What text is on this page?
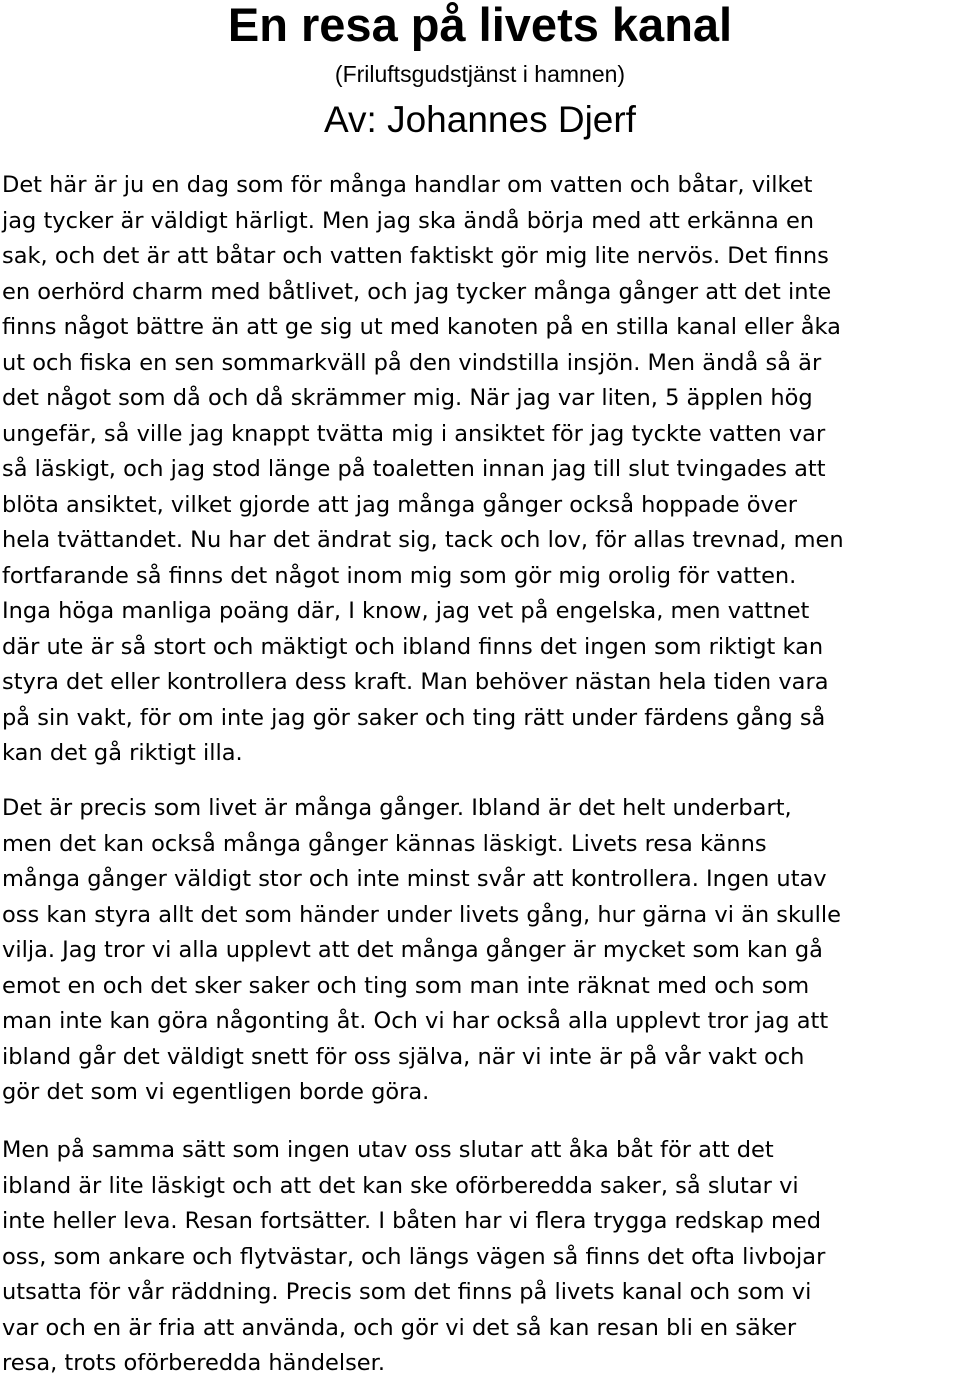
En resa på livets kanal
(Friluftsgudstjänst i hamnen)
Av: Johannes Djerf

Det här är ju en dag som för många handlar om vatten och båtar, vilket
jag tycker är väldigt härligt. Men jag ska ändå börja med att erkänna en
sak, och det är att båtar och vatten faktiskt gör mig lite nervös. Det finns
en oerhörd charm med båtlivet, och jag tycker många gånger att det inte
finns något bättre än att ge sig ut med kanoten på en stilla kanal eller åka
ut och fiska en sen sommarkväll på den vindstilla insjön. Men ändå så är
det något som då och då skrämmer mig. När jag var liten, 5 äpplen hög
ungefär, så ville jag knappt tvätta mig i ansiktet för jag tyckte vatten var
så läskigt, och jag stod länge på toaletten innan jag till slut tvingades att
blöta ansiktet, vilket gjorde att jag många gånger också hoppade över
hela tvättandet. Nu har det ändrat sig, tack och lov, för allas trevnad, men
fortfarande så finns det något inom mig som gör mig orolig för vatten.
Inga höga manliga poäng där, I know, jag vet på engelska, men vattnet
där ute är så stort och mäktigt och ibland finns det ingen som riktigt kan
styra det eller kontrollera dess kraft. Man behöver nästan hela tiden vara
på sin vakt, för om inte jag gör saker och ting rätt under färdens gång så
kan det gå riktigt illa.

Det är precis som livet är många gånger. Ibland är det helt underbart,
men det kan också många gånger kännas läskigt. Livets resa känns
många gånger väldigt stor och inte minst svår att kontrollera. Ingen utav
oss kan styra allt det som händer under livets gång, hur gärna vi än skulle
vilja. Jag tror vi alla upplevt att det många gånger är mycket som kan gå
emot en och det sker saker och ting som man inte räknat med och som
man inte kan göra någonting åt. Och vi har också alla upplevt tror jag att
ibland går det väldigt snett för oss själva, när vi inte är på vår vakt och
gör det som vi egentligen borde göra.

Men på samma sätt som ingen utav oss slutar att åka båt för att det
ibland är lite läskigt och att det kan ske oförberedda saker, så slutar vi
inte heller leva. Resan fortsätter. I båten har vi flera trygga redskap med
oss, som ankare och flytvästar, och längs vägen så finns det ofta livbojar
utsatta för vår räddning. Precis som det finns på livets kanal och som vi
var och en är fria att använda, och gör vi det så kan resan bli en säker
resa, trots oförberedda händelser.
